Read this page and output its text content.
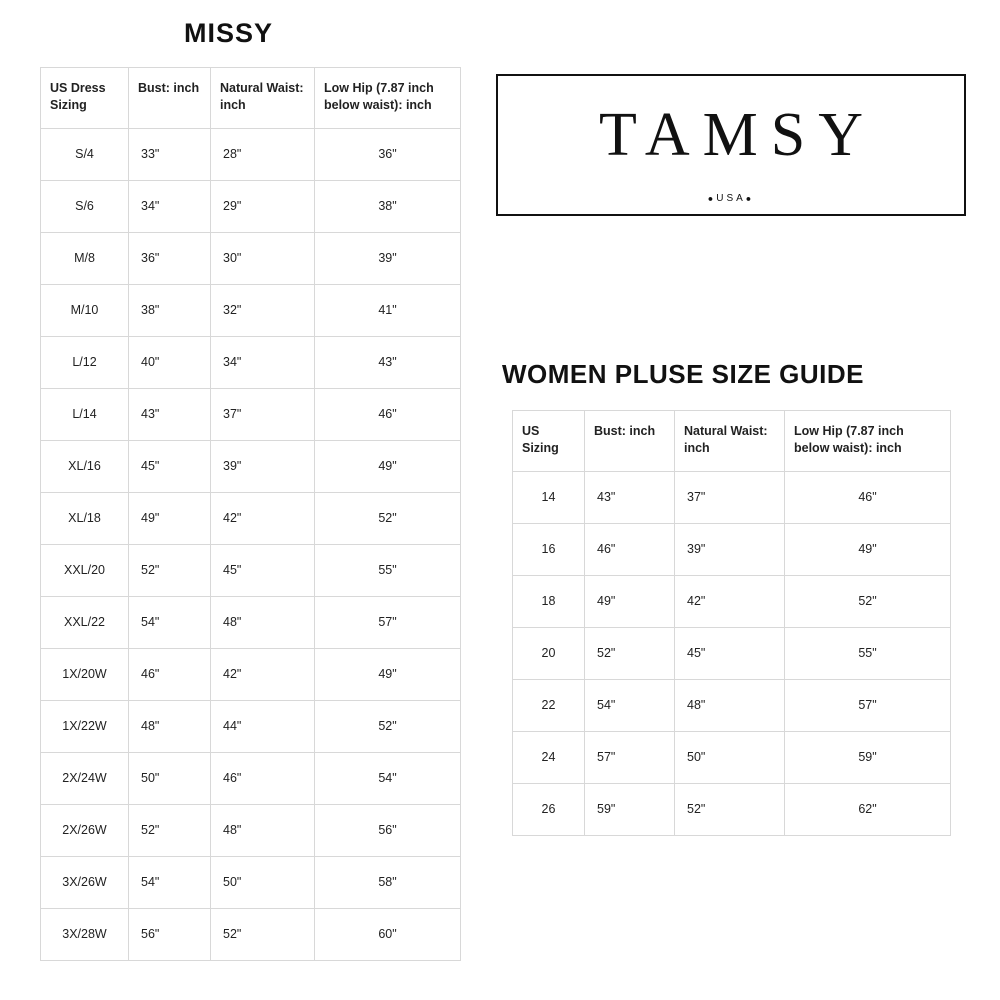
MISSY
US Dress Sizing	Bust: inch	Natural Waist: inch	Low Hip (7.87 inch below waist): inch
S/4	33"	28"	36"
S/6	34"	29"	38"
M/8	36"	30"	39"
M/10	38"	32"	41"
L/12	40"	34"	43"
L/14	43"	37"	46"
XL/16	45"	39"	49"
XL/18	49"	42"	52"
XXL/20	52"	45"	55"
XXL/22	54"	48"	57"
1X/20W	46"	42"	49"
1X/22W	48"	44"	52"
2X/24W	50"	46"	54"
2X/26W	52"	48"	56"
3X/26W	54"	50"	58"
3X/28W	56"	52"	60"
TAMSY
●USA●
WOMEN PLUSE SIZE GUIDE
US Sizing	Bust: inch	Natural Waist: inch	Low Hip (7.87 inch below waist): inch
14	43"	37"	46"
16	46"	39"	49"
18	49"	42"	52"
20	52"	45"	55"
22	54"	48"	57"
24	57"	50"	59"
26	59"	52"	62"
